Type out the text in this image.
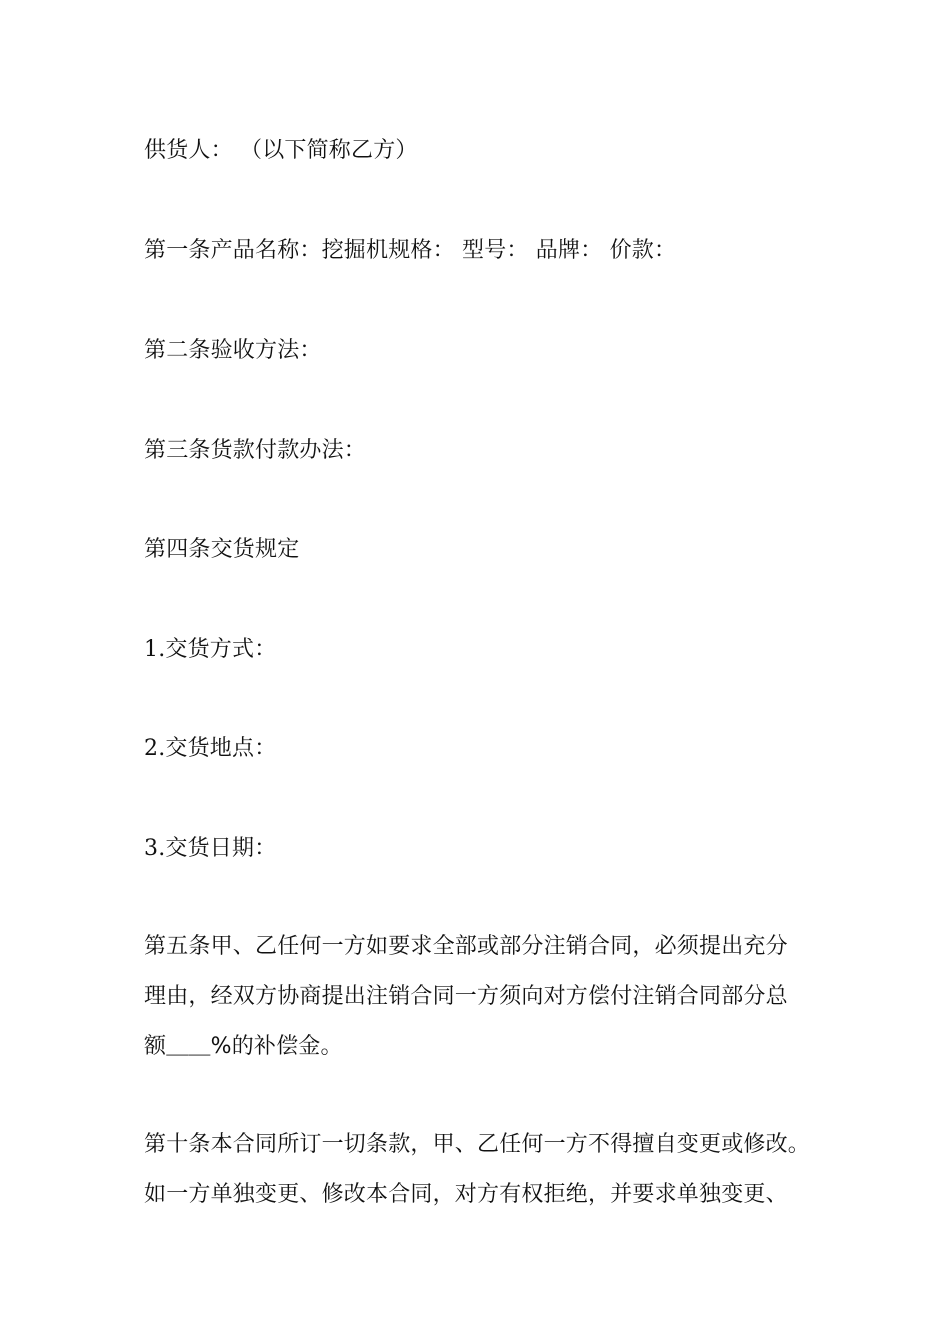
供货人： （以下简称乙方）
第一条产品名称：挖掘机规格： 型号： 品牌： 价款：
第二条验收方法：
第三条货款付款办法：
第四条交货规定
1.交货方式：
2.交货地点：
3.交货日期：
第五条甲、乙任何一方如要求全部或部分注销合同，必须提出充分
理由，经双方协商提出注销合同一方须向对方偿付注销合同部分总
额＿＿%的补偿金。
第十条本合同所订一切条款，甲、乙任何一方不得擅自变更或修改。
如一方单独变更、修改本合同，对方有权拒绝，并要求单独变更、
